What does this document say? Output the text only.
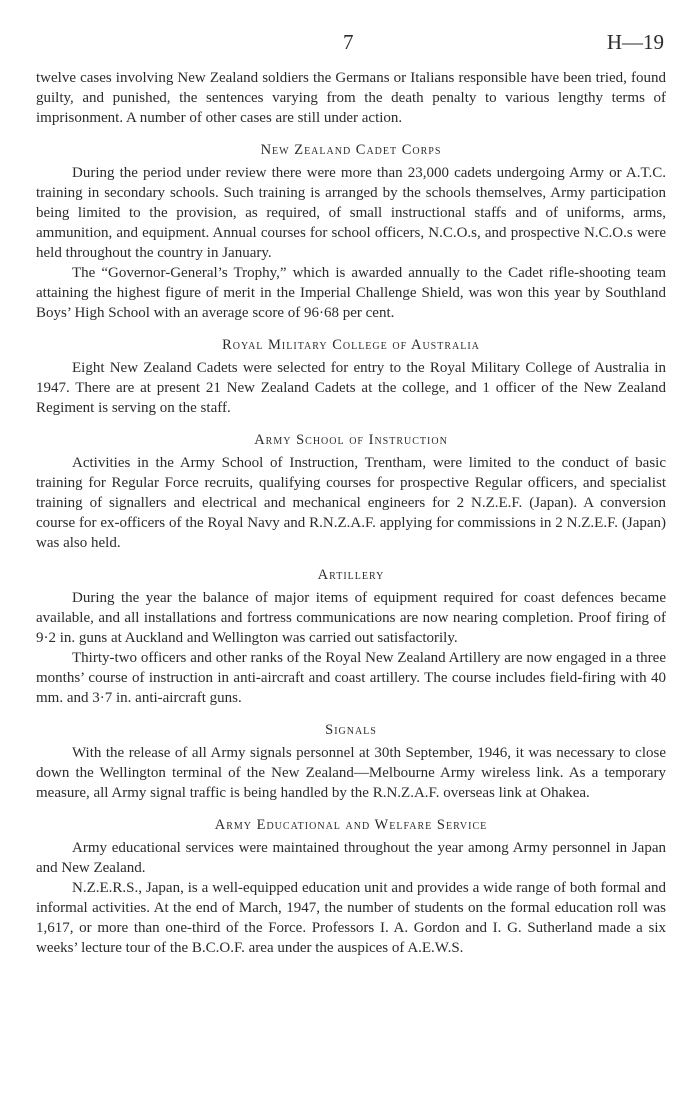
7	H—19

twelve cases involving New Zealand soldiers the Germans or Italians responsible have been tried, found guilty, and punished, the sentences varying from the death penalty to various lengthy terms of imprisonment. A number of other cases are still under action.

New Zealand Cadet Corps

During the period under review there were more than 23,000 cadets undergoing Army or A.T.C. training in secondary schools. Such training is arranged by the schools themselves, Army participation being limited to the provision, as required, of small instructional staffs and of uniforms, arms, ammunition, and equipment. Annual courses for school officers, N.C.O.s, and prospective N.C.O.s were held throughout the country in January.

The “Governor-General’s Trophy,” which is awarded annually to the Cadet rifle-shooting team attaining the highest figure of merit in the Imperial Challenge Shield, was won this year by Southland Boys’ High School with an average score of 96·68 per cent.

Royal Military College of Australia

Eight New Zealand Cadets were selected for entry to the Royal Military College of Australia in 1947. There are at present 21 New Zealand Cadets at the college, and 1 officer of the New Zealand Regiment is serving on the staff.

Army School of Instruction

Activities in the Army School of Instruction, Trentham, were limited to the conduct of basic training for Regular Force recruits, qualifying courses for prospective Regular officers, and specialist training of signallers and electrical and mechanical engineers for 2 N.Z.E.F. (Japan). A conversion course for ex-officers of the Royal Navy and R.N.Z.A.F. applying for commissions in 2 N.Z.E.F. (Japan) was also held.

Artillery

During the year the balance of major items of equipment required for coast defences became available, and all installations and fortress communications are now nearing completion. Proof firing of 9·2 in. guns at Auckland and Wellington was carried out satisfactorily.

Thirty-two officers and other ranks of the Royal New Zealand Artillery are now engaged in a three months’ course of instruction in anti-aircraft and coast artillery. The course includes field-firing with 40 mm. and 3·7 in. anti-aircraft guns.

Signals

With the release of all Army signals personnel at 30th September, 1946, it was necessary to close down the Wellington terminal of the New Zealand—Melbourne Army wireless link. As a temporary measure, all Army signal traffic is being handled by the R.N.Z.A.F. overseas link at Ohakea.

Army Educational and Welfare Service

Army educational services were maintained throughout the year among Army personnel in Japan and New Zealand.

N.Z.E.R.S., Japan, is a well-equipped education unit and provides a wide range of both formal and informal activities. At the end of March, 1947, the number of students on the formal education roll was 1,617, or more than one-third of the Force. Professors I. A. Gordon and I. G. Sutherland made a six weeks’ lecture tour of the B.C.O.F. area under the auspices of A.E.W.S.
